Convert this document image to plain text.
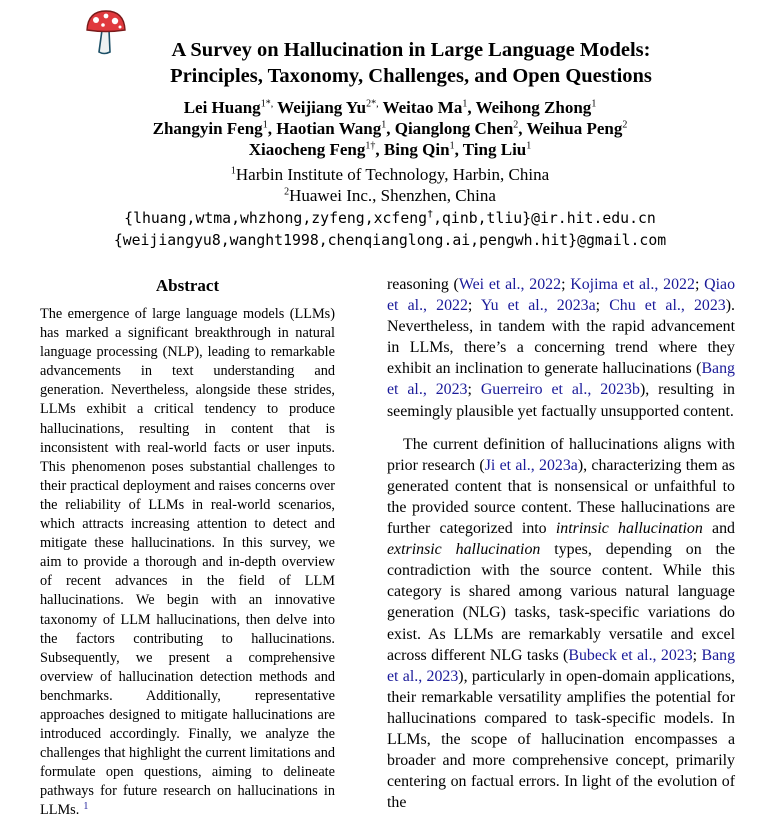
A Survey on Hallucination in Large Language Models:
Principles, Taxonomy, Challenges, and Open Questions
Lei Huang$^{1*,}$ Weijiang $Yu^{2*,}$ Weitao Ma$^1$, Weihong Zhong$^1$
Zhangyin Feng$^1$, Haotian Wang$^1$, Qianglong Chen$^2$, Weihua Peng$^2$
Xiaocheng Feng$^{1\dagger}$, Bing Qin$^1$, Ting Liu$^1$
$^1$Harbin Institute of Technology, Harbin, China
$^2$Huawei Inc., Shenzhen, China
{lhuang,wtma,whzhong,zyfeng,xcfeng†,qinb,tliu}@ir.hit.edu.cn
{weijiangyu8,wanght1998,chenqianglong.ai,pengwh.hit}@gmail.com
Abstract
The emergence of large language models (LLMs) has marked a significant breakthrough in natural language processing (NLP), leading to remarkable advancements in text understanding and generation. Nevertheless, alongside these strides, LLMs exhibit a critical tendency to produce hallucinations, resulting in content that is inconsistent with real-world facts or user inputs. This phenomenon poses substantial challenges to their practical deployment and raises concerns over the reliability of LLMs in real-world scenarios, which attracts increasing attention to detect and mitigate these hallucinations. In this survey, we aim to provide a thorough and in-depth overview of recent advances in the field of LLM hallucinations. We begin with an innovative taxonomy of LLM hallucinations, then delve into the factors contributing to hallucinations. Subsequently, we present a comprehensive overview of hallucination detection methods and benchmarks. Additionally, representative approaches designed to mitigate hallucinations are introduced accordingly. Finally, we analyze the challenges that highlight the current limitations and formulate open questions, aiming to delineate pathways for future research on hallucinations in LLMs. $^1$

reasoning (Wei et al., 2022; Kojima et al., 2022; Qiao et al., 2022; Yu et al., 2023a; Chu et al., 2023). Nevertheless, in tandem with the rapid advancement in LLMs, there’s a concerning trend where they exhibit an inclination to generate hallucinations (Bang et al., 2023; Guerreiro et al., 2023b), resulting in seemingly plausible yet factually unsupported content.

The current definition of hallucinations aligns with prior research (Ji et al., 2023a), characterizing them as generated content that is nonsensical or unfaithful to the provided source content. These hallucinations are further categorized into intrinsic hallucination and extrinsic hallucination types, depending on the contradiction with the source content. While this category is shared among various natural language generation (NLG) tasks, task-specific variations do exist. As LLMs are remarkably versatile and excel across different NLG tasks (Bubeck et al., 2023; Bang et al., 2023), particularly in open-domain applications, their remarkable versatility amplifies the potential for hallucinations compared to task-specific models. In LLMs, the scope of hallucination encompasses a broader and more comprehensive concept, primarily centering on factual errors. In light of the evolution of the
